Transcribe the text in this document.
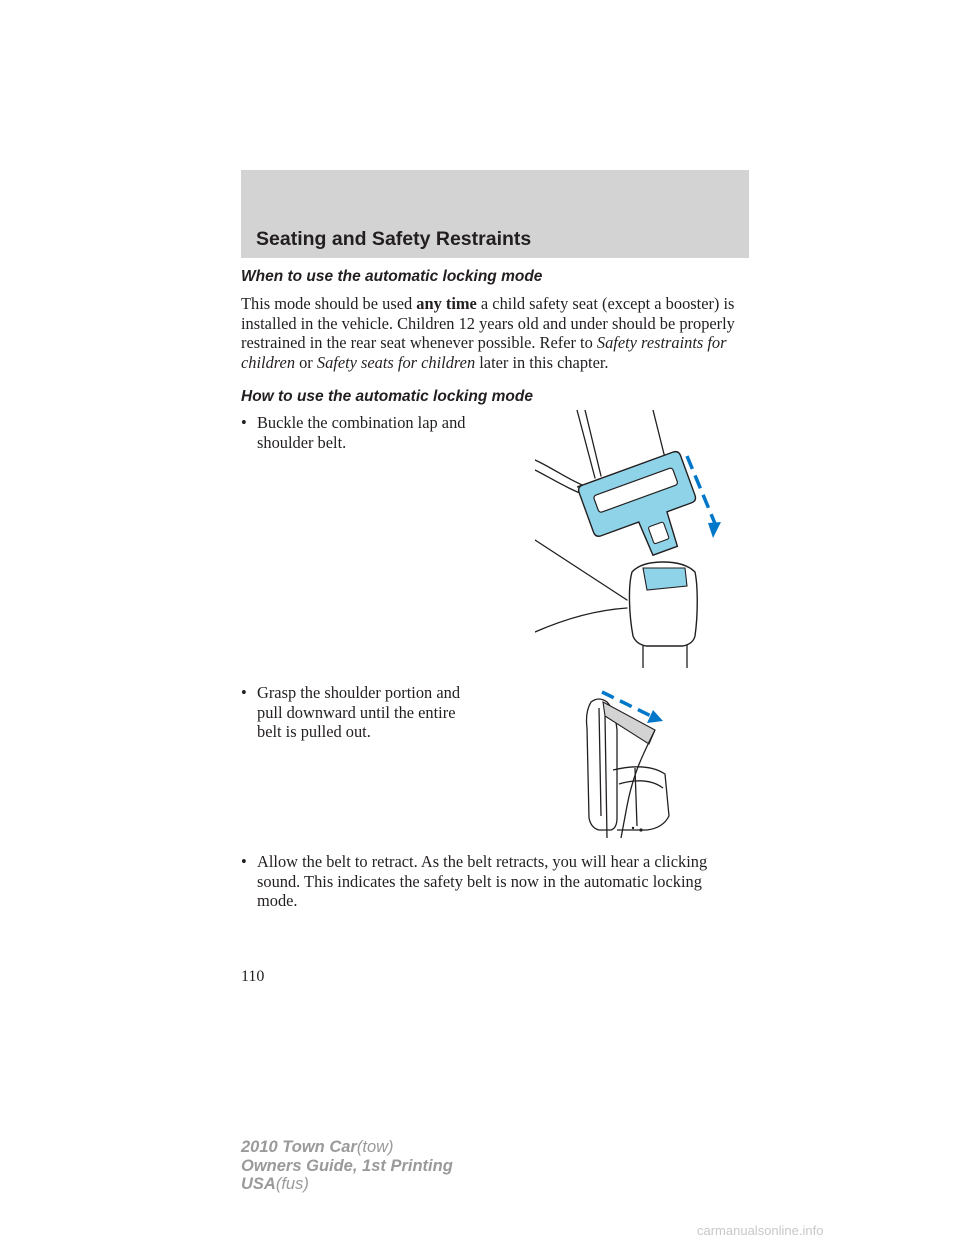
Seating and Safety Restraints
When to use the automatic locking mode
This mode should be used any time a child safety seat (except a booster) is installed in the vehicle. Children 12 years old and under should be properly restrained in the rear seat whenever possible. Refer to Safety restraints for children or Safety seats for children later in this chapter.
How to use the automatic locking mode
• Buckle the combination lap and
shoulder belt.
• Grasp the shoulder portion and
pull downward until the entire
belt is pulled out.
• Allow the belt to retract. As the belt retracts, you will hear a clicking
sound. This indicates the safety belt is now in the automatic locking
mode.
110
2010 Town Car(tow)
Owners Guide, 1st Printing
USA(fus)
carmanualsonline.info
